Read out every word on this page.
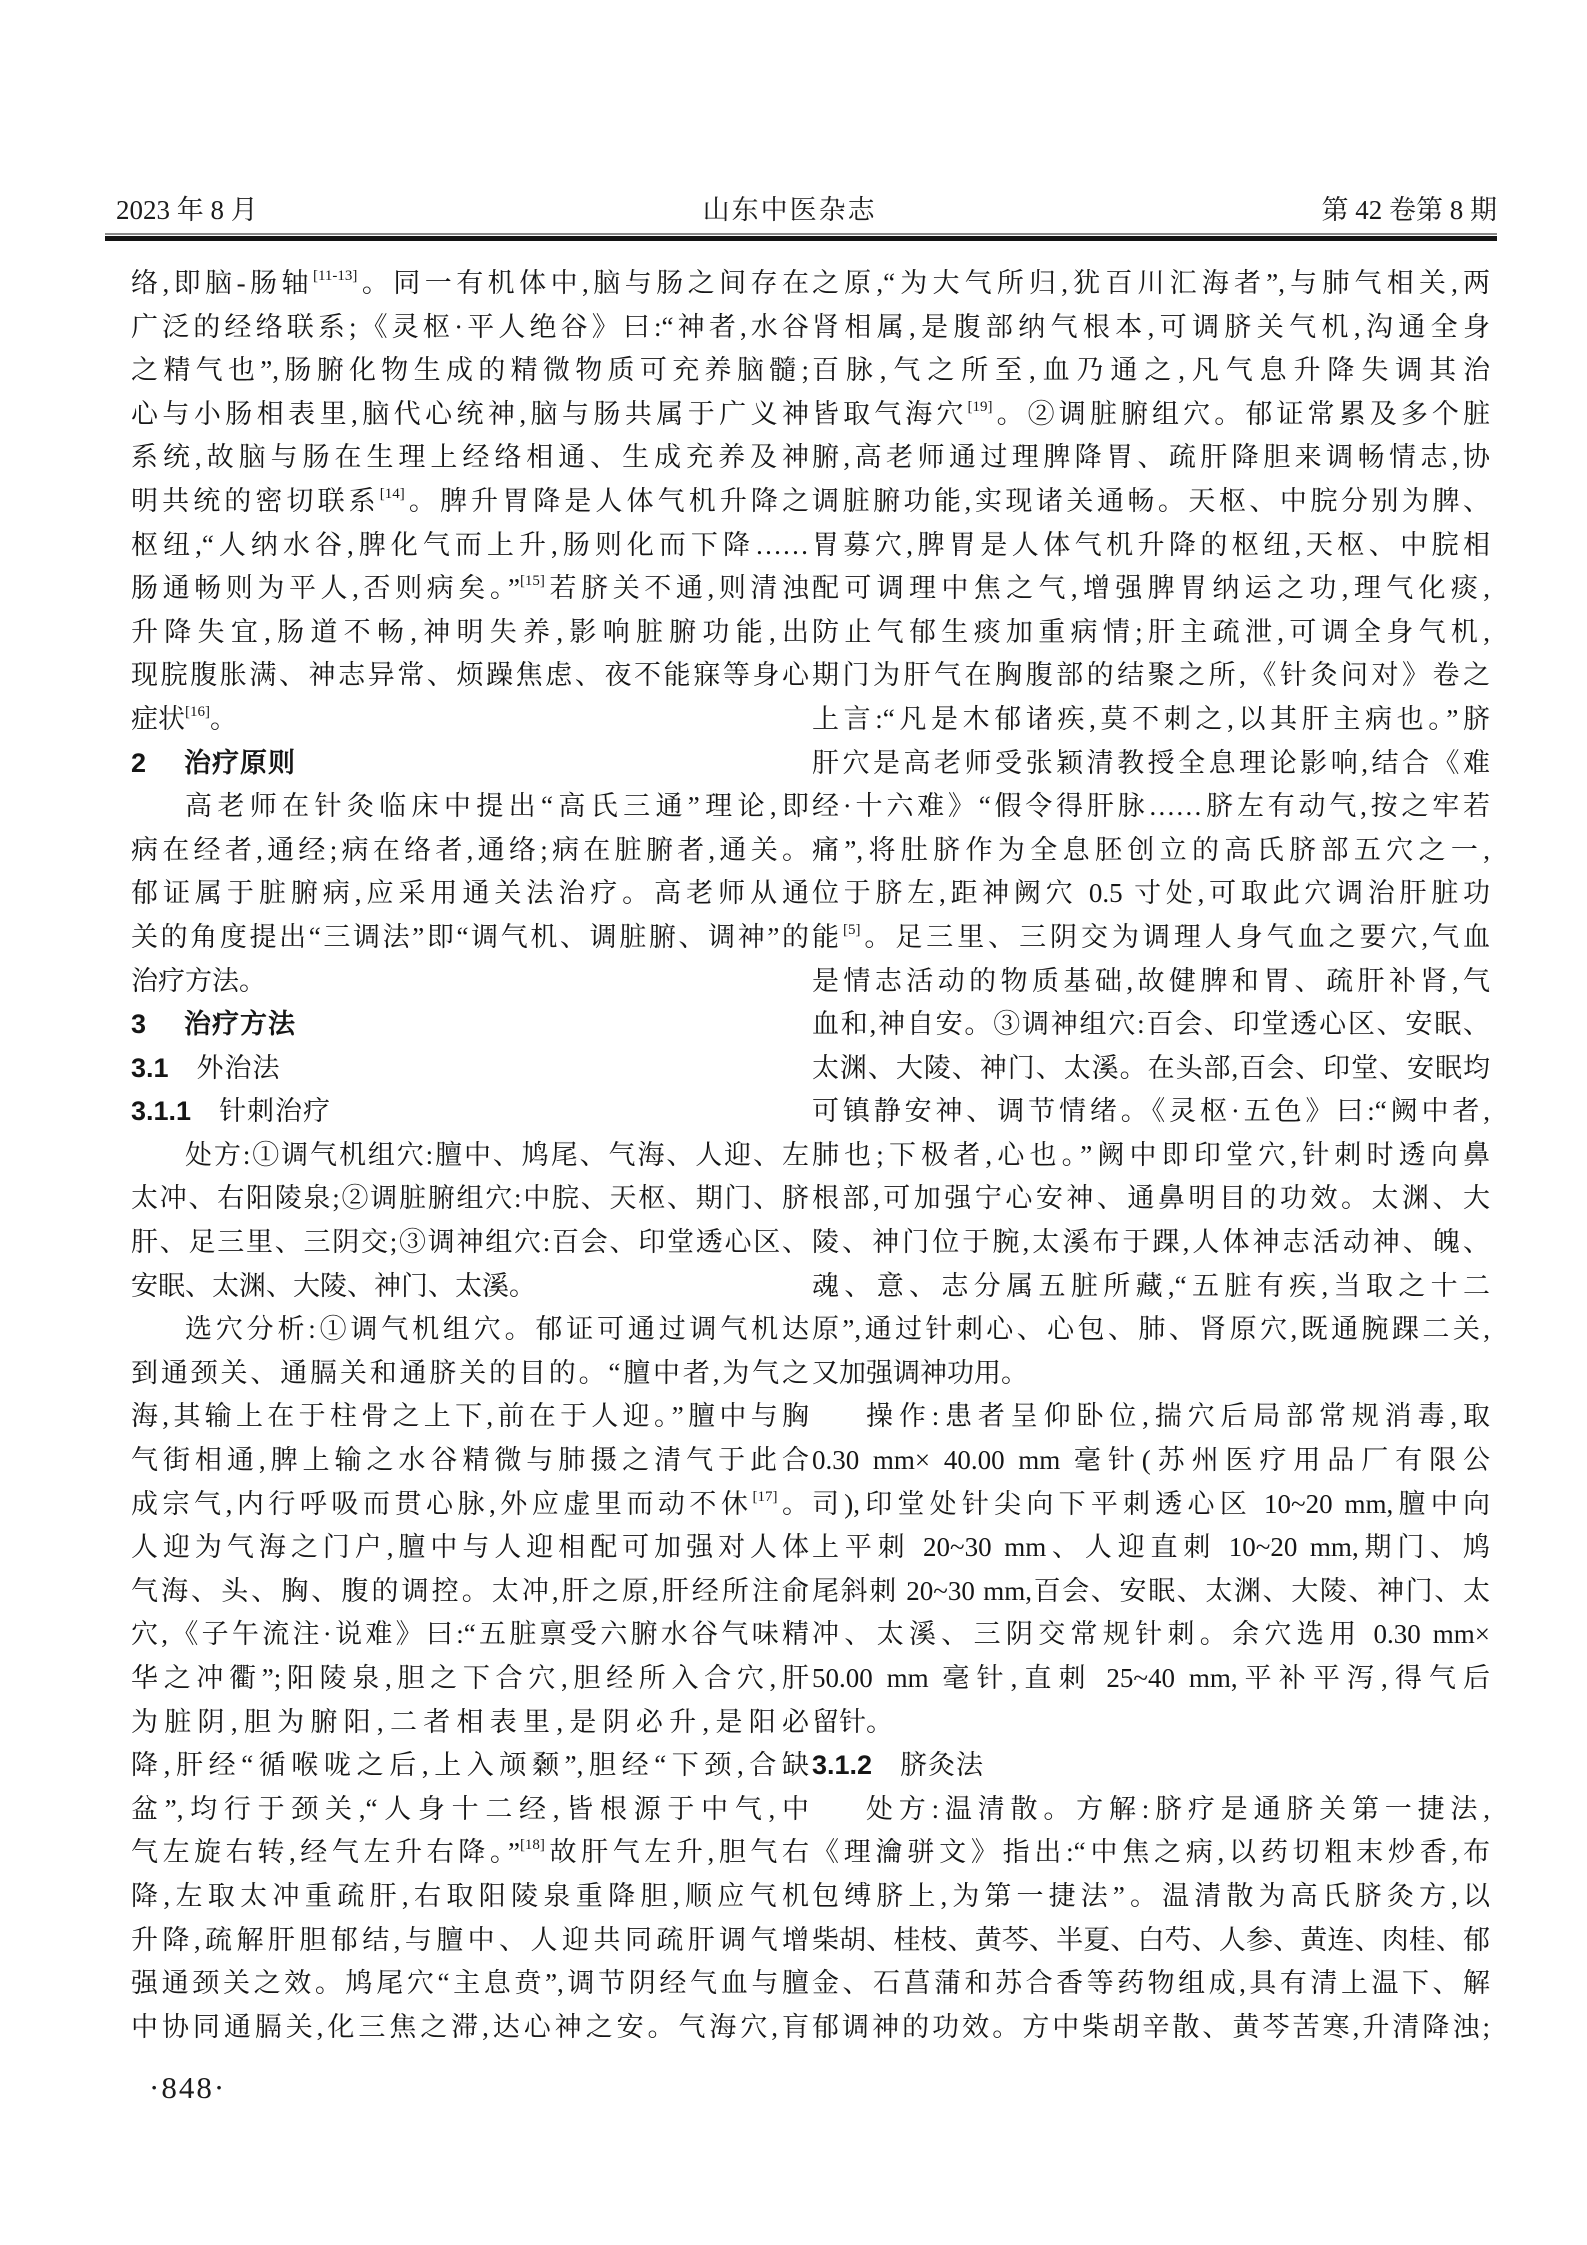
2023 年 8 月	山东中医杂志	第 42 卷第 8 期
络,即脑-肠轴[11-13]。同一有机体中,脑与肠之间存在
广泛的经络联系;《灵枢·平人绝谷》曰:“神者,水谷
之精气也”,肠腑化物生成的精微物质可充养脑髓;
心与小肠相表里,脑代心统神,脑与肠共属于广义神
系统,故脑与肠在生理上经络相通、生成充养及神
明共统的密切联系[14]。脾升胃降是人体气机升降之
枢纽,“人纳水谷,脾化气而上升,肠则化而下降……
肠通畅则为平人,否则病矣。”[15]若脐关不通,则清浊
升降失宜,肠道不畅,神明失养,影响脏腑功能,出
现脘腹胀满、神志异常、烦躁焦虑、夜不能寐等身心
症状[16]。
2 治疗原则
高老师在针灸临床中提出“高氏三通”理论,即
病在经者,通经;病在络者,通络;病在脏腑者,通关。
郁证属于脏腑病,应采用通关法治疗。高老师从通
关的角度提出“三调法”即“调气机、调脏腑、调神”的
治疗方法。
3 治疗方法
3.1 外治法
3.1.1 针刺治疗
处方:①调气机组穴:膻中、鸠尾、气海、人迎、左
太冲、右阳陵泉;②调脏腑组穴:中脘、天枢、期门、脐
肝、足三里、三阴交;③调神组穴:百会、印堂透心区、
安眠、太渊、大陵、神门、太溪。
选穴分析:①调气机组穴。郁证可通过调气机达
到通颈关、通膈关和通脐关的目的。“膻中者,为气之
海,其输上在于柱骨之上下,前在于人迎。”膻中与胸
气街相通,脾上输之水谷精微与肺摄之清气于此合
成宗气,内行呼吸而贯心脉,外应虚里而动不休[17]。
人迎为气海之门户,膻中与人迎相配可加强对人体
气海、头、胸、腹的调控。太冲,肝之原,肝经所注俞
穴,《子午流注·说难》曰:“五脏禀受六腑水谷气味精
华之冲衢”;阳陵泉,胆之下合穴,胆经所入合穴,肝
为脏阴,胆为腑阳,二者相表里,是阴必升,是阳必
降,肝经“循喉咙之后,上入颃颡”,胆经“下颈,合缺
盆”,均行于颈关,“人身十二经,皆根源于中气,中
气左旋右转,经气左升右降。”[18]故肝气左升,胆气右
降,左取太冲重疏肝,右取阳陵泉重降胆,顺应气机
升降,疏解肝胆郁结,与膻中、人迎共同疏肝调气增
强通颈关之效。鸠尾穴“主息贲”,调节阴经气血与膻
中协同通膈关,化三焦之滞,达心神之安。气海穴,肓
之原,“为大气所归,犹百川汇海者”,与肺气相关,两
肾相属,是腹部纳气根本,可调脐关气机,沟通全身
百脉,气之所至,血乃通之,凡气息升降失调其治
皆取气海穴[19]。②调脏腑组穴。郁证常累及多个脏
腑,高老师通过理脾降胃、疏肝降胆来调畅情志,协
调脏腑功能,实现诸关通畅。天枢、中脘分别为脾、
胃募穴,脾胃是人体气机升降的枢纽,天枢、中脘相
配可调理中焦之气,增强脾胃纳运之功,理气化痰,
防止气郁生痰加重病情;肝主疏泄,可调全身气机,
期门为肝气在胸腹部的结聚之所,《针灸问对》卷之
上言:“凡是木郁诸疾,莫不刺之,以其肝主病也。”脐
肝穴是高老师受张颖清教授全息理论影响,结合《难
经·十六难》“假令得肝脉……脐左有动气,按之牢若
痛”,将肚脐作为全息胚创立的高氏脐部五穴之一,
位于脐左,距神阙穴 0.5 寸处,可取此穴调治肝脏功
能[5]。足三里、三阴交为调理人身气血之要穴,气血
是情志活动的物质基础,故健脾和胃、疏肝补肾,气
血和,神自安。③调神组穴:百会、印堂透心区、安眠、
太渊、大陵、神门、太溪。在头部,百会、印堂、安眠均
可镇静安神、调节情绪。《灵枢·五色》曰:“阙中者,
肺也;下极者,心也。”阙中即印堂穴,针刺时透向鼻
根部,可加强宁心安神、通鼻明目的功效。太渊、大
陵、神门位于腕,太溪布于踝,人体神志活动神、魄、
魂、意、志分属五脏所藏,“五脏有疾,当取之十二
原”,通过针刺心、心包、肺、肾原穴,既通腕踝二关,
又加强调神功用。
操作:患者呈仰卧位,揣穴后局部常规消毒,取
0.30 mm× 40.00 mm 毫针(苏州医疗用品厂有限公
司),印堂处针尖向下平刺透心区 10~20 mm,膻中向
上平刺 20~30 mm、人迎直刺 10~20 mm,期门、鸠
尾斜刺 20~30 mm,百会、安眠、太渊、大陵、神门、太
冲、太溪、三阴交常规针刺。余穴选用 0.30 mm×
50.00 mm 毫针,直刺 25~40 mm,平补平泻,得气后
留针。
3.1.2 脐灸法
处方:温清散。方解:脐疗是通脐关第一捷法,
《理瀹骈文》指出:“中焦之病,以药切粗末炒香,布
包缚脐上,为第一捷法”。温清散为高氏脐灸方,以
柴胡、桂枝、黄芩、半夏、白芍、人参、黄连、肉桂、郁
金、石菖蒲和苏合香等药物组成,具有清上温下、解
郁调神的功效。方中柴胡辛散、黄芩苦寒,升清降浊;
·848·
